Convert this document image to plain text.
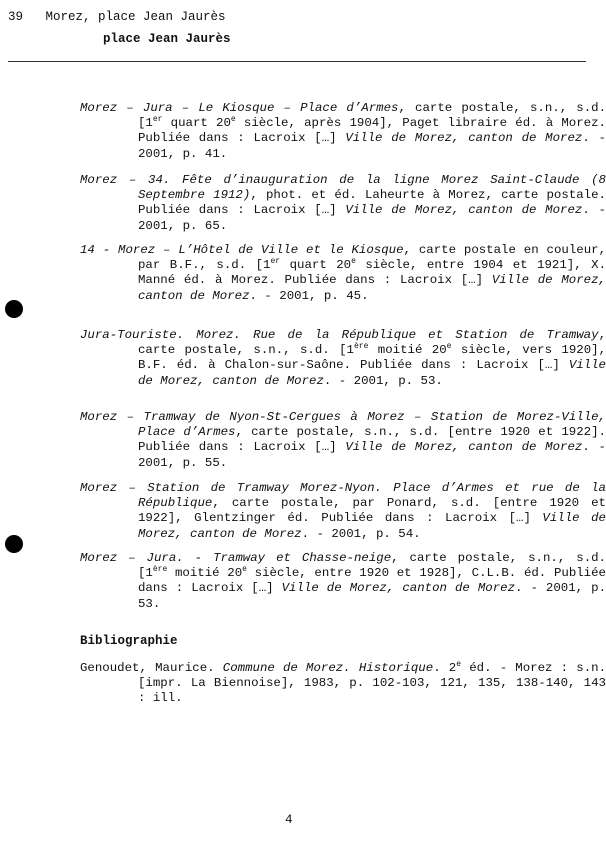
39   Morez, place Jean Jaurès
place Jean Jaurès
Morez – Jura – Le Kiosque – Place d’Armes, carte postale, s.n., s.d. [1er quart 20e siècle, après 1904], Paget libraire éd. à Morez. Publiée dans : Lacroix […] Ville de Morez, canton de Morez. - 2001, p. 41.
Morez – 34. Fête d’inauguration de la ligne Morez Saint-Claude (8 Septembre 1912), phot. et éd. Laheurte à Morez, carte postale. Publiée dans : Lacroix […] Ville de Morez, canton de Morez. - 2001, p. 65.
14 - Morez – L’Hôtel de Ville et le Kiosque, carte postale en couleur, par B.F., s.d. [1er quart 20e siècle, entre 1904 et 1921], X. Manné éd. à Morez. Publiée dans : Lacroix […] Ville de Morez, canton de Morez. - 2001, p. 45.
Jura-Touriste. Morez. Rue de la République et Station de Tramway, carte postale, s.n., s.d. [1ère moitié 20e siècle, vers 1920], B.F. éd. à Chalon-sur-Saône. Publiée dans : Lacroix […] Ville de Morez, canton de Morez. - 2001, p. 53.
Morez – Tramway de Nyon-St-Cergues à Morez – Station de Morez-Ville, Place d’Armes, carte postale, s.n., s.d. [entre 1920 et 1922]. Publiée dans : Lacroix […] Ville de Morez, canton de Morez. - 2001, p. 55.
Morez – Station de Tramway Morez-Nyon. Place d’Armes et rue de la République, carte postale, par Ponard, s.d. [entre 1920 et 1922], Glentzinger éd. Publiée dans : Lacroix […] Ville de Morez, canton de Morez. - 2001, p. 54.
Morez – Jura. - Tramway et Chasse-neige, carte postale, s.n., s.d. [1ère moitié 20e siècle, entre 1920 et 1928], C.L.B. éd. Publiée dans : Lacroix […] Ville de Morez, canton de Morez. - 2001, p. 53.
Bibliographie
Genoudet, Maurice. Commune de Morez. Historique. 2e éd. - Morez : s.n. [impr. La Biennoise], 1983, p. 102-103, 121, 135, 138-140, 143 : ill.
4
